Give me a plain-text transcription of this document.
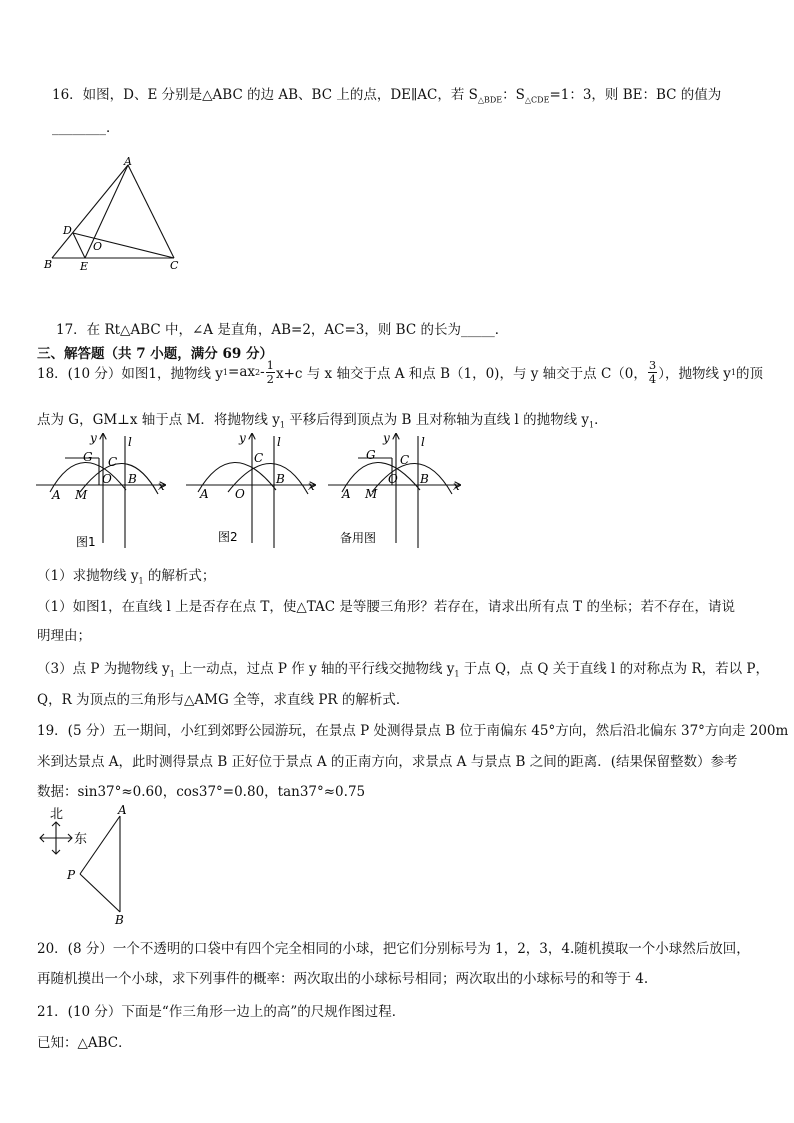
16．如图，D、E 分别是△ABC 的边 AB、BC 上的点，DE∥AC，若 $S_{\triangle BDE}$：$S_{\triangle CDE}=1$：3，则 BE：BC 的值为
________．
A
B	C
D
E
O
17．在 Rt△ABC 中，∠A 是直角，AB=2，AC=3，则 BC 的长为_____．
三、解答题（共 7 小题，满分 69 分）
18．(10 分）如图1，抛物线 y 1 =ax $2 - \frac{1}{2} x+c$ 与 x 轴交于点 A 和点 B（1，0)，与 y 轴交于点 C（0， $\frac{3}{4}$ ），抛物线 y 1 的顶
点为 G，GM⊥x 轴于点 M．将抛物线 $y_1$ 平移后得到顶点为 B 且对称轴为直线 l 的抛物线 $y_1$．
y	l
G C
B
O
A M
x
图1
y	l
C
B
O
A
x
图2
y	l
G C
B
O
A M
x
备用图
（1）求抛物线 $y_1$ 的解析式；
（1）如图1，在直线 l 上是否存在点 T，使△TAC 是等腰三角形？若存在，请求出所有点 T 的坐标；若不存在，请说
明理由；
（3）点 P 为抛物线 $y_1$ 上一动点，过点 P 作 y 轴的平行线交抛物线 $y_1$ 于点 Q，点 Q 关于直线 l 的对称点为 R，若以 P，
Q，R 为顶点的三角形与△AMG 全等，求直线 PR 的解析式．
19．(5 分）五一期间，小红到郊野公园游玩，在景点 P 处测得景点 B 位于南偏东 45°方向，然后沿北偏东 37°方向走 200m
米到达景点 A，此时测得景点 B 正好位于景点 A 的正南方向，求景点 A 与景点 B 之间的距离．(结果保留整数）参考
数据：sin37°≈0.60，cos37°=0.80，tan37°≈0.75
北
东
A
P
B
20．(8 分）一个不透明的口袋中有四个完全相同的小球，把它们分别标号为 1，2，3，4.随机摸取一个小球然后放回，
再随机摸出一个小球，求下列事件的概率：两次取出的小球标号相同；两次取出的小球标号的和等于 4.
21．(10 分）下面是“作三角形一边上的高”的尺规作图过程．
已知：△ABC．
